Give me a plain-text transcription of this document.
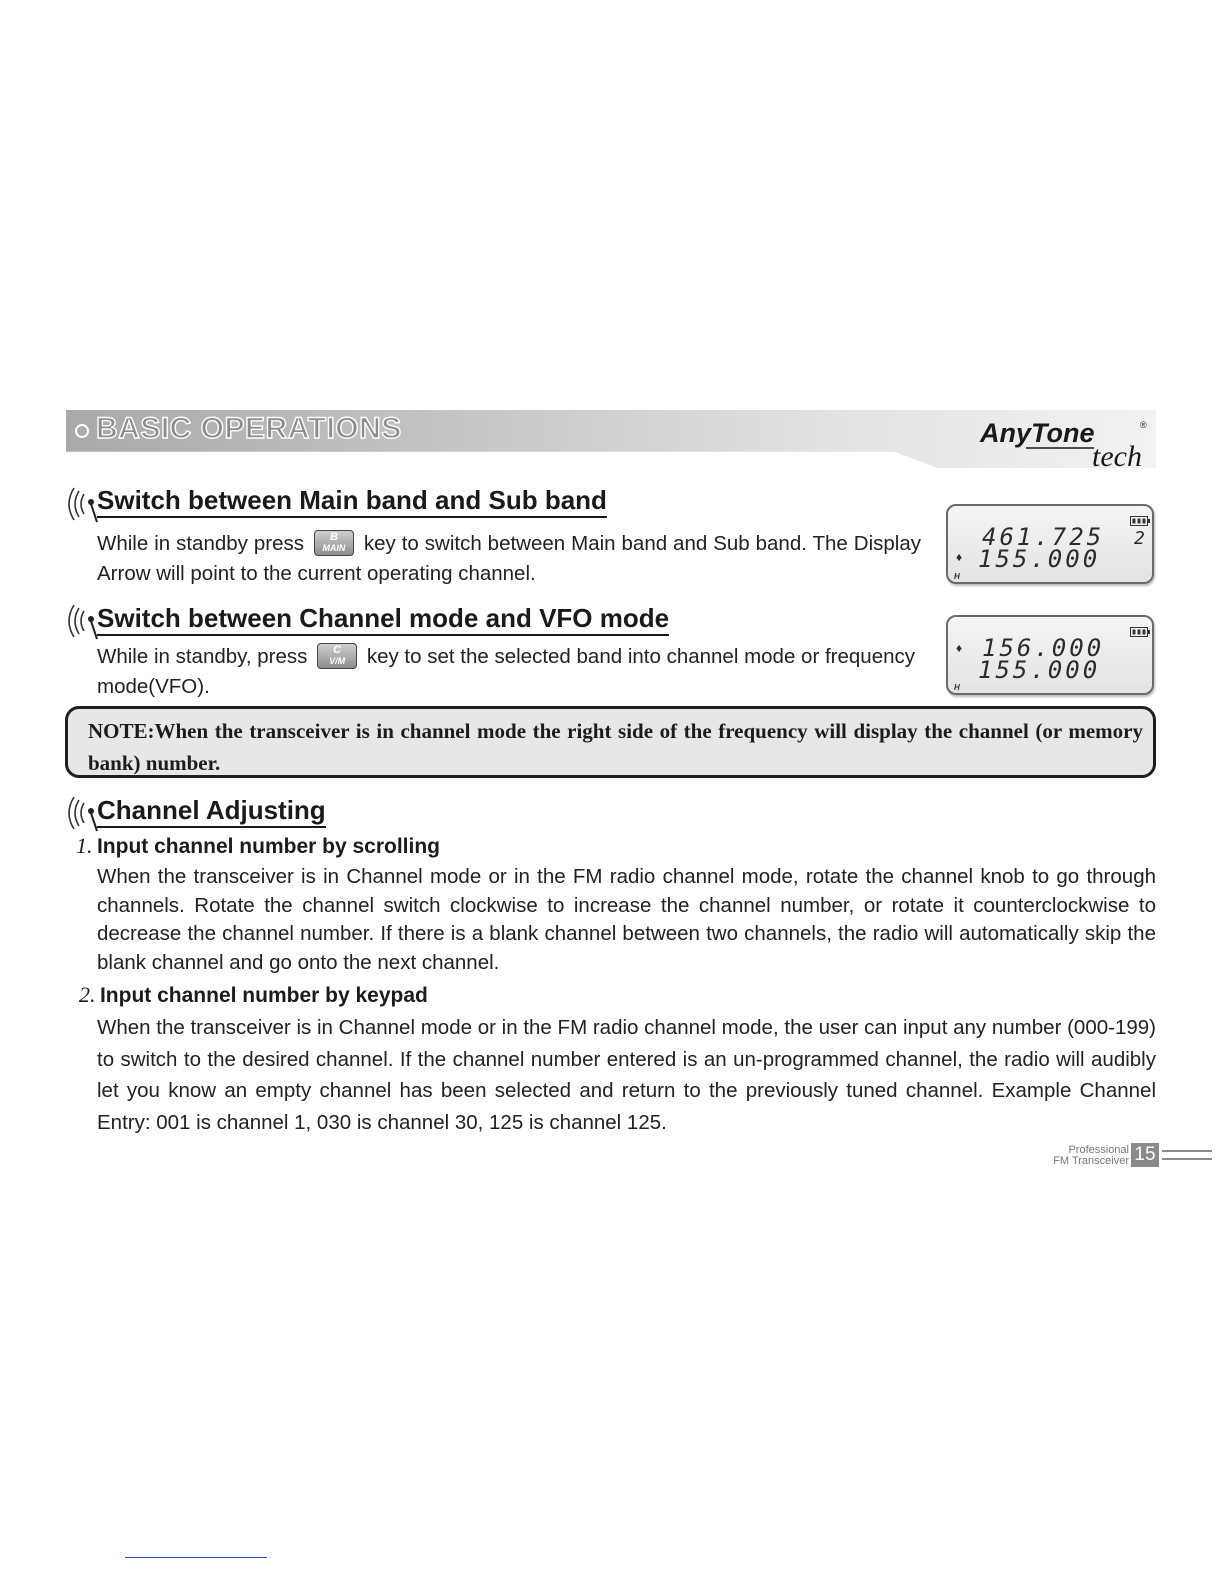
BASIC OPERATIONS	AnyTone	®
tech
Switch between Main band and Sub band
While in standby press	B
MAIN key to switch between Main band and Sub band. The Display Arrow will point to the current operating channel.
461.725 2
♦ 155.000
H
Switch between Channel mode and VFO mode
While in standby, press	C
V/M	key to set the selected band into channel mode or frequency mode(VFO).
♦ 156.000
155.000
H
NOTE:When the transceiver is in channel mode the right side of the frequency will display the channel (or memory bank) number.
Channel Adjusting
1. Input channel number by scrolling
When the transceiver is in Channel mode or in the FM radio channel mode, rotate the channel knob to go through channels. Rotate the channel switch clockwise to increase the channel number, or rotate it counterclockwise to decrease the channel number. If there is a blank channel between two channels, the radio will automatically skip the blank channel and go onto the next channel.
2. Input channel number by keypad
When the transceiver is in Channel mode or in the FM radio channel mode, the user can input any number (000-199) to switch to the desired channel. If the channel number entered is an un-programmed channel, the radio will audibly let you know an empty channel has been selected and return to the previously tuned channel. Example Channel Entry: 001 is channel 1, 030 is channel 30, 125 is channel 125.
Professional
FM Transceiver 15
